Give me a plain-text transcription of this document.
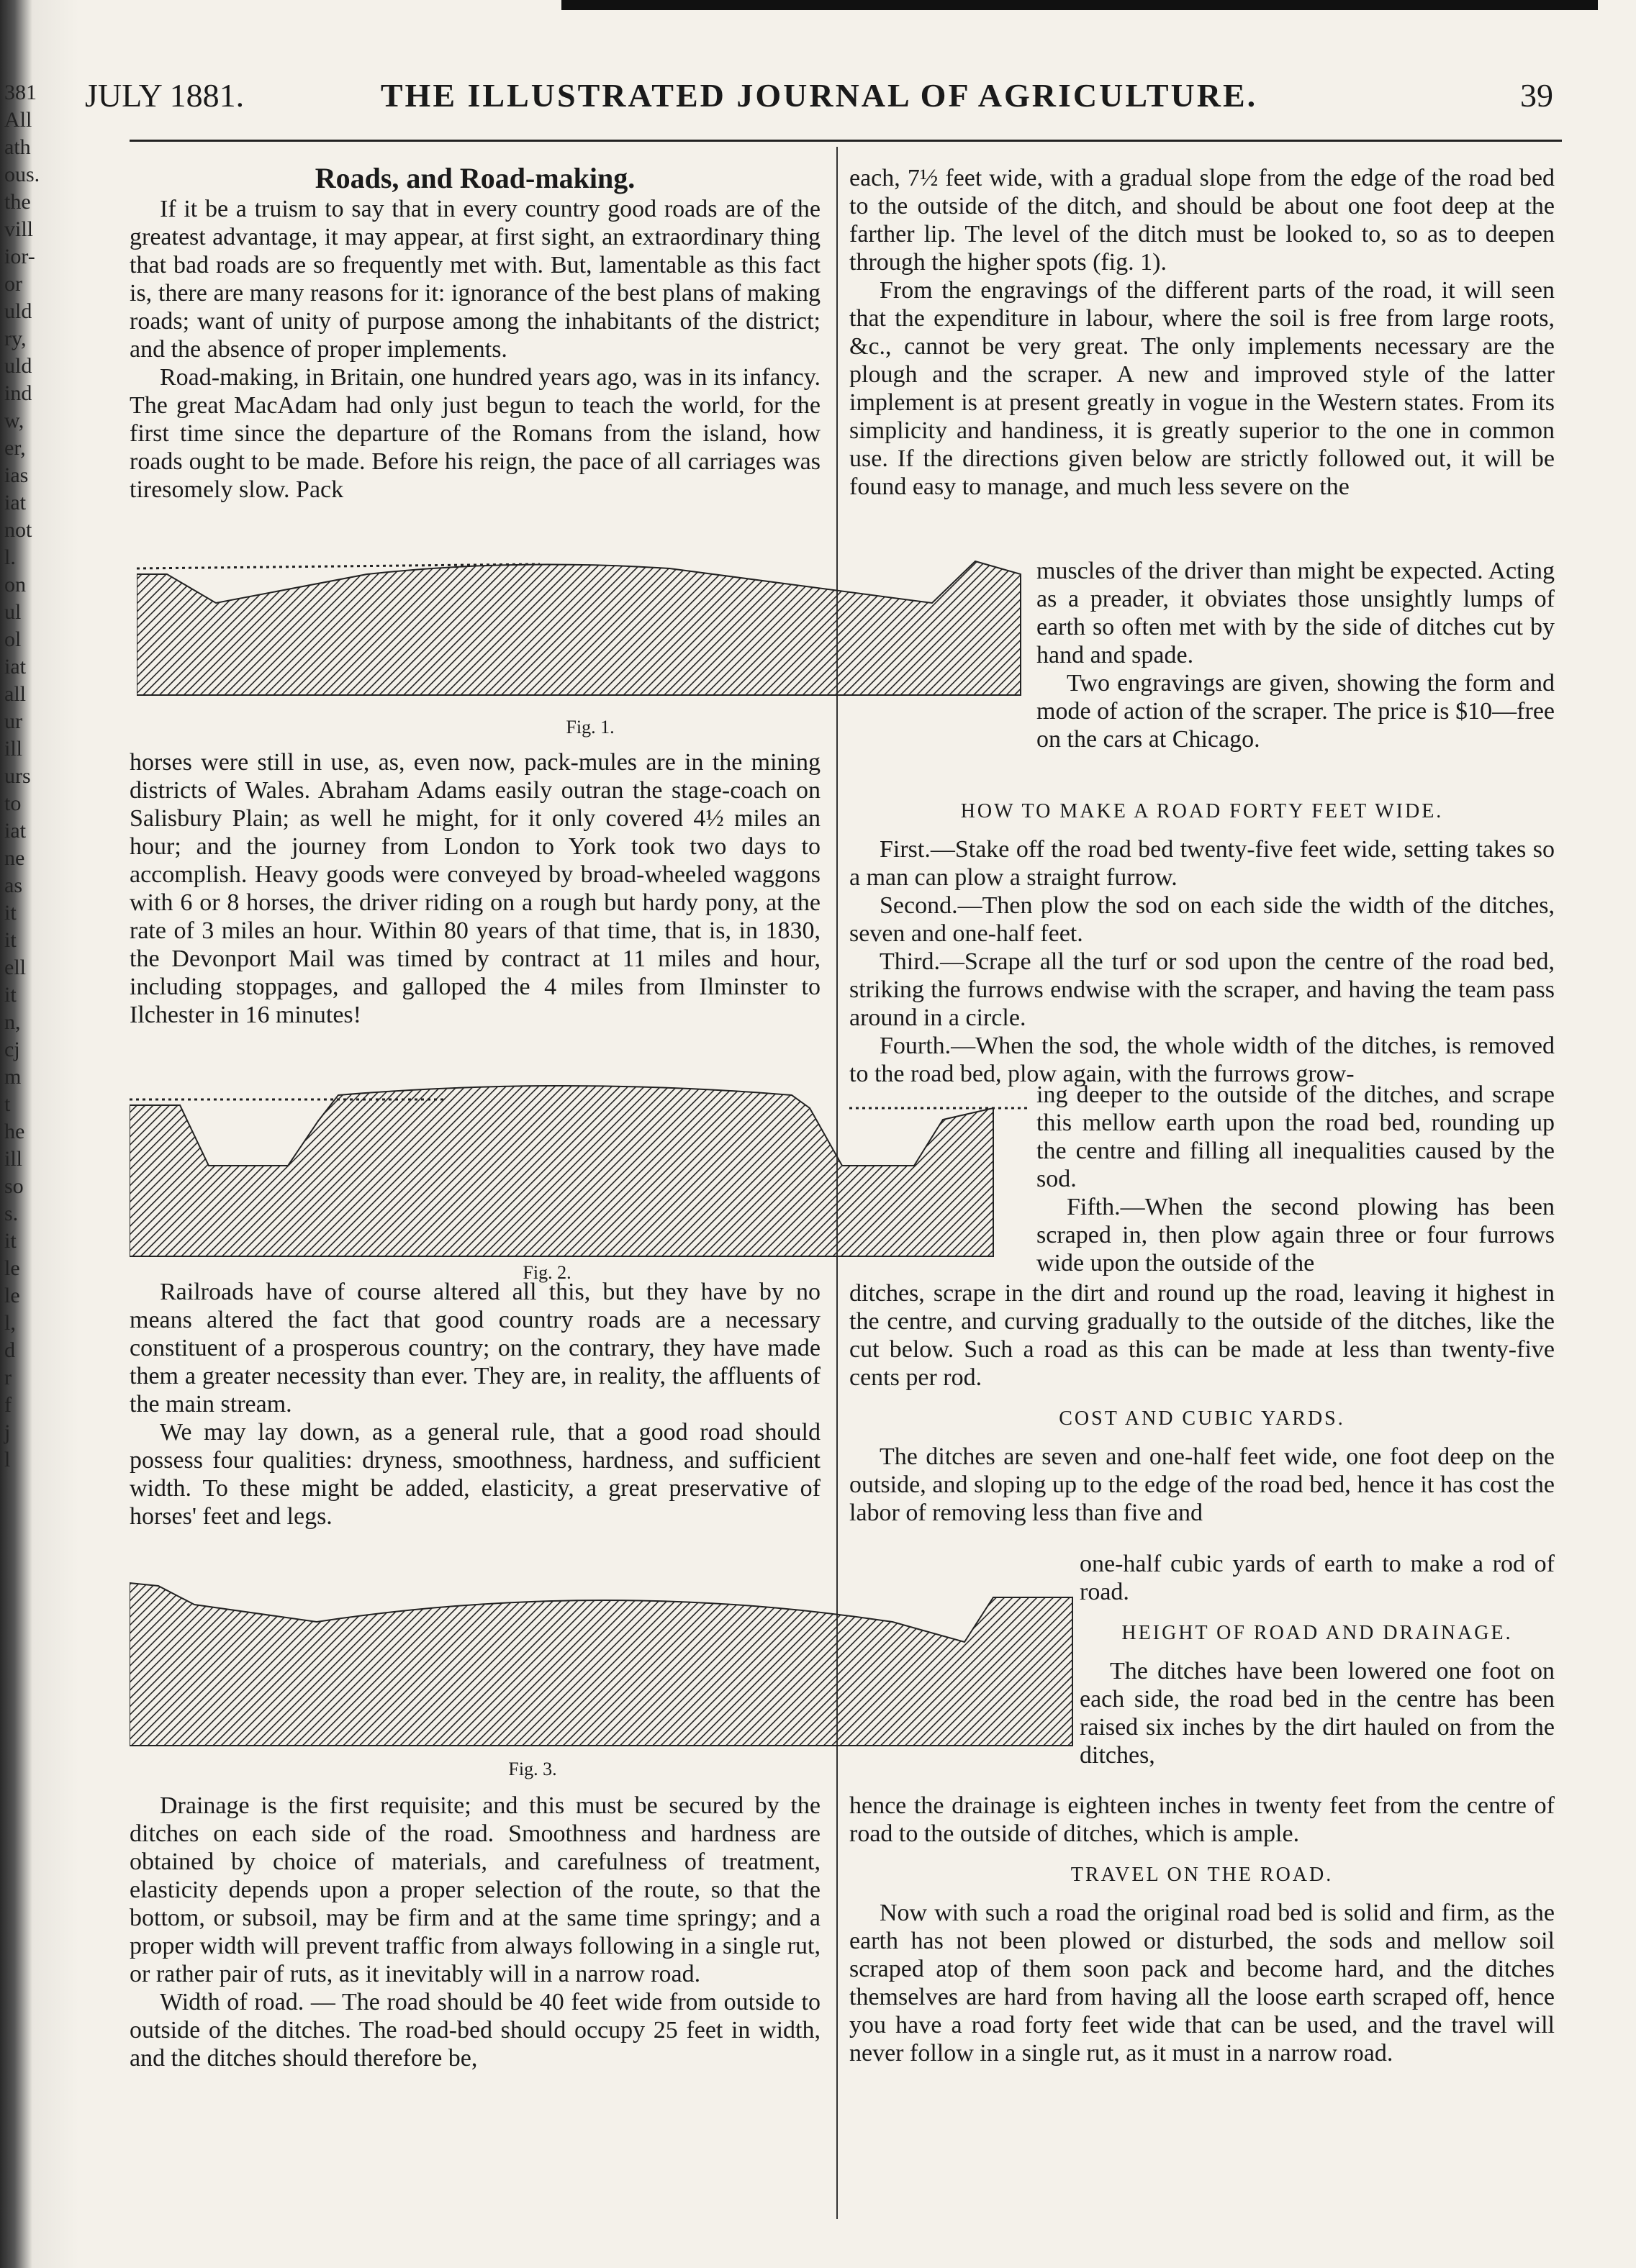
381
All
ath
ous.
the
vill
ior-
or
uld
ry,
uld
ind
w,
er,
ias
iat
not
l.
on
ul
ol
iat
all
ur
ill
urs
to
iat
ne
as
it
it
ell
it
n,
cj
m
t
he
ill
so
s.
it
le
le
l,
d
r
f
j
l
THE ILLUSTRATED JOURNAL OF AGRICULTURE.
JULY 1881.	39
Roads, and Road-making.

If it be a truism to say that in every country good roads are of the greatest advantage, it may appear, at first sight, an extraordinary thing that bad roads are so frequently met with. But, lamentable as this fact is, there are many reasons for it: ignorance of the best plans of making roads; want of unity of purpose among the inhabitants of the district; and the absence of proper implements.

Road-making, in Britain, one hundred years ago, was in its infancy. The great MacAdam had only just begun to teach the world, for the first time since the departure of the Romans from the island, how roads ought to be made. Before his reign, the pace of all carriages was tiresomely slow. Pack

Fig. 1.

horses were still in use, as, even now, pack-mules are in the mining districts of Wales. Abraham Adams easily outran the stage-coach on Salisbury Plain; as well he might, for it only covered 4½ miles an hour; and the journey from London to York took two days to accomplish. Heavy goods were conveyed by broad-wheeled waggons with 6 or 8 horses, the driver riding on a rough but hardy pony, at the rate of 3 miles an hour. Within 80 years of that time, that is, in 1830, the Devonport Mail was timed by contract at 11 miles and hour, including stoppages, and galloped the 4 miles from Ilminster to Ilchester in 16 minutes!

Fig. 2.

Railroads have of course altered all this, but they have by no means altered the fact that good country roads are a necessary constituent of a prosperous country; on the contrary, they have made them a greater necessity than ever. They are, in reality, the affluents of the main stream.

We may lay down, as a general rule, that a good road should possess four qualities: dryness, smoothness, hardness, and sufficient width. To these might be added, elasticity, a great preservative of horses' feet and legs.

Fig. 3.

Drainage is the first requisite; and this must be secured by the ditches on each side of the road. Smoothness and hardness are obtained by choice of materials, and carefulness of treatment, elasticity depends upon a proper selection of the route, so that the bottom, or subsoil, may be firm and at the same time springy; and a proper width will prevent traffic from always following in a single rut, or rather pair of ruts, as it inevitably will in a narrow road.

Width of road. — The road should be 40 feet wide from outside to outside of the ditches. The road-bed should occupy 25 feet in width, and the ditches should therefore be,

each, 7½ feet wide, with a gradual slope from the edge of the road bed to the outside of the ditch, and should be about one foot deep at the farther lip. The level of the ditch must be looked to, so as to deepen through the higher spots (fig. 1).

From the engravings of the different parts of the road, it will seen that the expenditure in labour, where the soil is free from large roots, &c., cannot be very great. The only implements necessary are the plough and the scraper. A new and improved style of the latter implement is at present greatly in vogue in the Western states. From its simplicity and handiness, it is greatly superior to the one in common use. If the directions given below are strictly followed out, it will be found easy to manage, and much less severe on the

muscles of the driver than might be expected. Acting as a preader, it obviates those unsightly lumps of earth so often met with by the side of ditches cut by hand and spade.

Two engravings are given, showing the form and mode of action of the scraper. The price is $10—free on the cars at Chicago.

HOW TO MAKE A ROAD FORTY FEET WIDE.

First.—Stake off the road bed twenty-five feet wide, setting takes so a man can plow a straight furrow.

Second.—Then plow the sod on each side the width of the ditches, seven and one-half feet.

Third.—Scrape all the turf or sod upon the centre of the road bed, striking the furrows endwise with the scraper, and having the team pass around in a circle.

Fourth.—When the sod, the whole width of the ditches, is removed to the road bed, plow again, with the furrows grow-

ing deeper to the outside of the ditches, and scrape this mellow earth upon the road bed, rounding up the centre and filling all inequalities caused by the sod.

Fifth.—When the second plowing has been scraped in, then plow again three or four furrows wide upon the outside of the

ditches, scrape in the dirt and round up the road, leaving it highest in the centre, and curving gradually to the outside of the ditches, like the cut below. Such a road as this can be made at less than twenty-five cents per rod.

COST AND CUBIC YARDS.

The ditches are seven and one-half feet wide, one foot deep on the outside, and sloping up to the edge of the road bed, hence it has cost the labor of removing less than five and

one-half cubic yards of earth to make a rod of road.

HEIGHT OF ROAD AND DRAINAGE.

The ditches have been lowered one foot on each side, the road bed in the centre has been raised six inches by the dirt hauled on from the ditches,

hence the drainage is eighteen inches in twenty feet from the centre of road to the outside of ditches, which is ample.

TRAVEL ON THE ROAD.

Now with such a road the original road bed is solid and firm, as the earth has not been plowed or disturbed, the sods and mellow soil scraped atop of them soon pack and become hard, and the ditches themselves are hard from having all the loose earth scraped off, hence you have a road forty feet wide that can be used, and the travel will never follow in a single rut, as it must in a narrow road.
